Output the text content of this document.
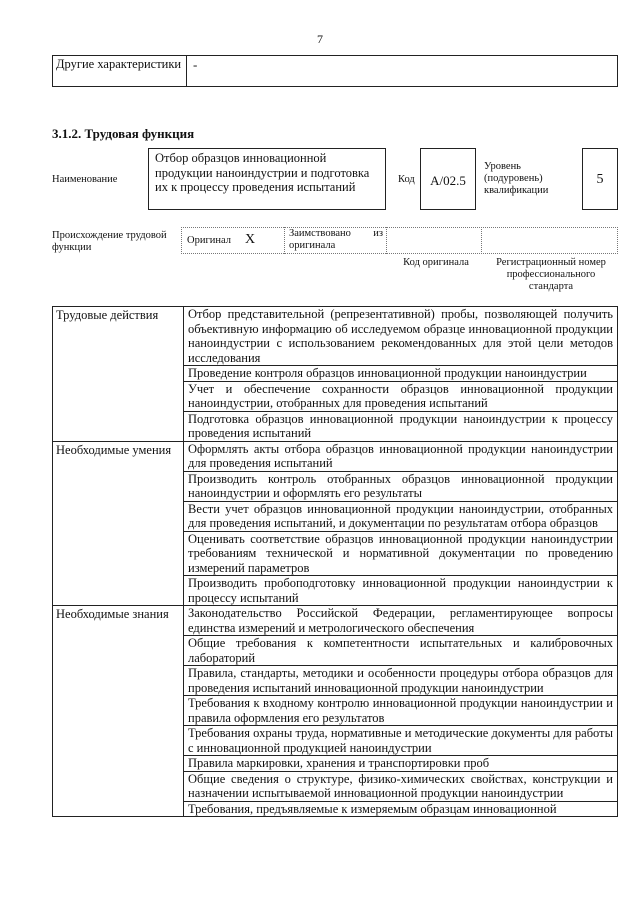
7
Другие характеристики -
3.1.2. Трудовая функция
Наименование
Отбор образцов инновационной продукции наноиндустрии и подготовка их к процессу проведения испытаний
Код	А/02.5
Уровень (подуровень) квалификации
5
Происхождение трудовой функции
Оригинал Х	Заимствовано из оригинала
Код оригинала	Регистрационный номер профессионального стандарта
Трудовые действия	Отбор представительной (репрезентативной) пробы, позволяющей получить объективную информацию об исследуемом образце инновационной продукции наноиндустрии с использованием рекомендованных для этой цели методов исследования
	Проведение контроля образцов инновационной продукции наноиндустрии
	Учет и обеспечение сохранности образцов инновационной продукции наноиндустрии, отобранных для проведения испытаний
	Подготовка образцов инновационной продукции наноиндустрии к процессу проведения испытаний
Необходимые умения	Оформлять акты отбора образцов инновационной продукции наноиндустрии для проведения испытаний
	Производить контроль отобранных образцов инновационной продукции наноиндустрии и оформлять его результаты
	Вести учет образцов инновационной продукции наноиндустрии, отобранных для проведения испытаний, и документации по результатам отбора образцов
	Оценивать соответствие образцов инновационной продукции наноиндустрии требованиям технической и нормативной документации по проведению измерений параметров
	Производить пробоподготовку инновационной продукции наноиндустрии к процессу испытаний
Необходимые знания	Законодательство Российской Федерации, регламентирующее вопросы единства измерений и метрологического обеспечения
	Общие требования к компетентности испытательных и калибровочных лабораторий
	Правила, стандарты, методики и особенности процедуры отбора образцов для проведения испытаний инновационной продукции наноиндустрии
	Требования к входному контролю инновационной продукции наноиндустрии и правила оформления его результатов
	Требования охраны труда, нормативные и методические документы для работы с инновационной продукцией наноиндустрии
	Правила маркировки, хранения и транспортировки проб
	Общие сведения о структуре, физико-химических свойствах, конструкции и назначении испытываемой инновационной продукции наноиндустрии
	Требования, предъявляемые к измеряемым образцам инновационной
